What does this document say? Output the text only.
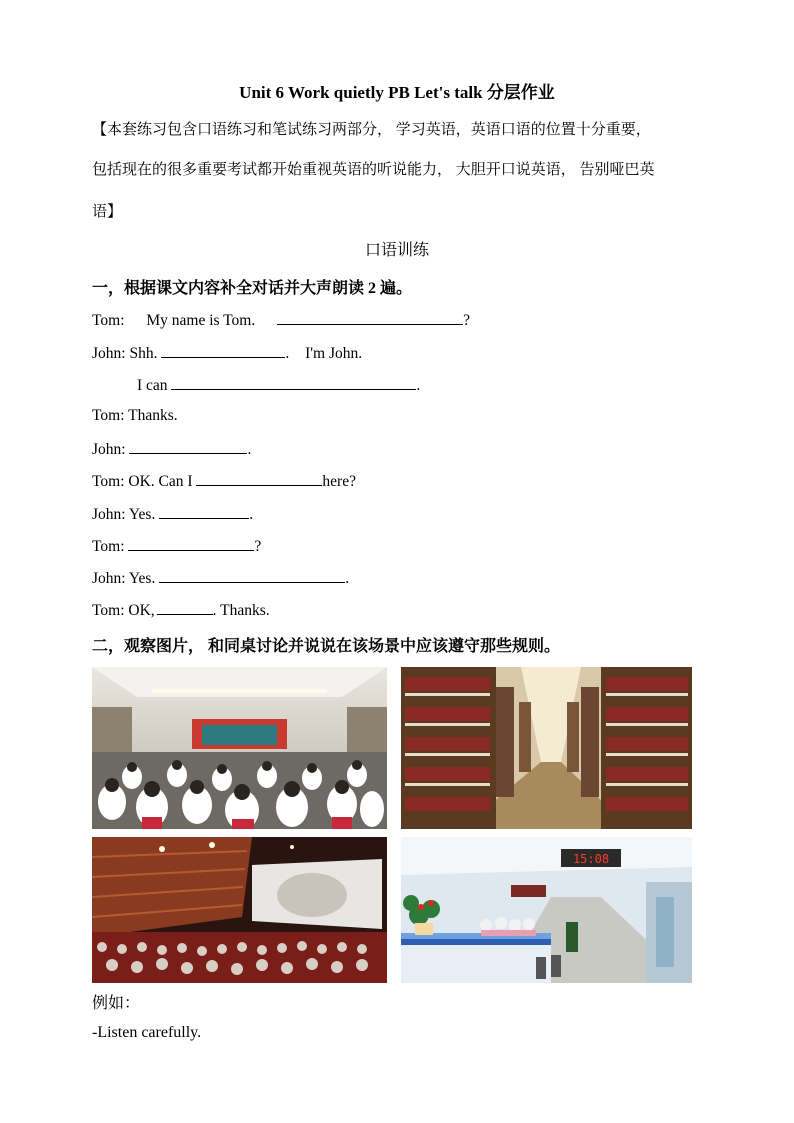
Unit 6 Work quietly PB Let's talk 分层作业
【本套练习包含口语练习和笔试练习两部分， 学习英语，英语口语的位置十分重要，
包括现在的很多重要考试都开始重视英语的听说能力， 大胆开口说英语， 告别哑巴英
语】
口语训练
一，根据课文内容补全对话并大声朗读 2 遍。
Tom: My name is Tom.	?
John: Shh.	. I'm John.
I can	.
Tom: Thanks.
John:	.
Tom: OK. Can I	here?
John: Yes.	.
Tom:	?
John: Yes.	.
Tom: OK,	. Thanks.
二，观察图片， 和同桌讨论并说说在该场景中应该遵守那些规则。
15:08
例如：
-Listen carefully.
